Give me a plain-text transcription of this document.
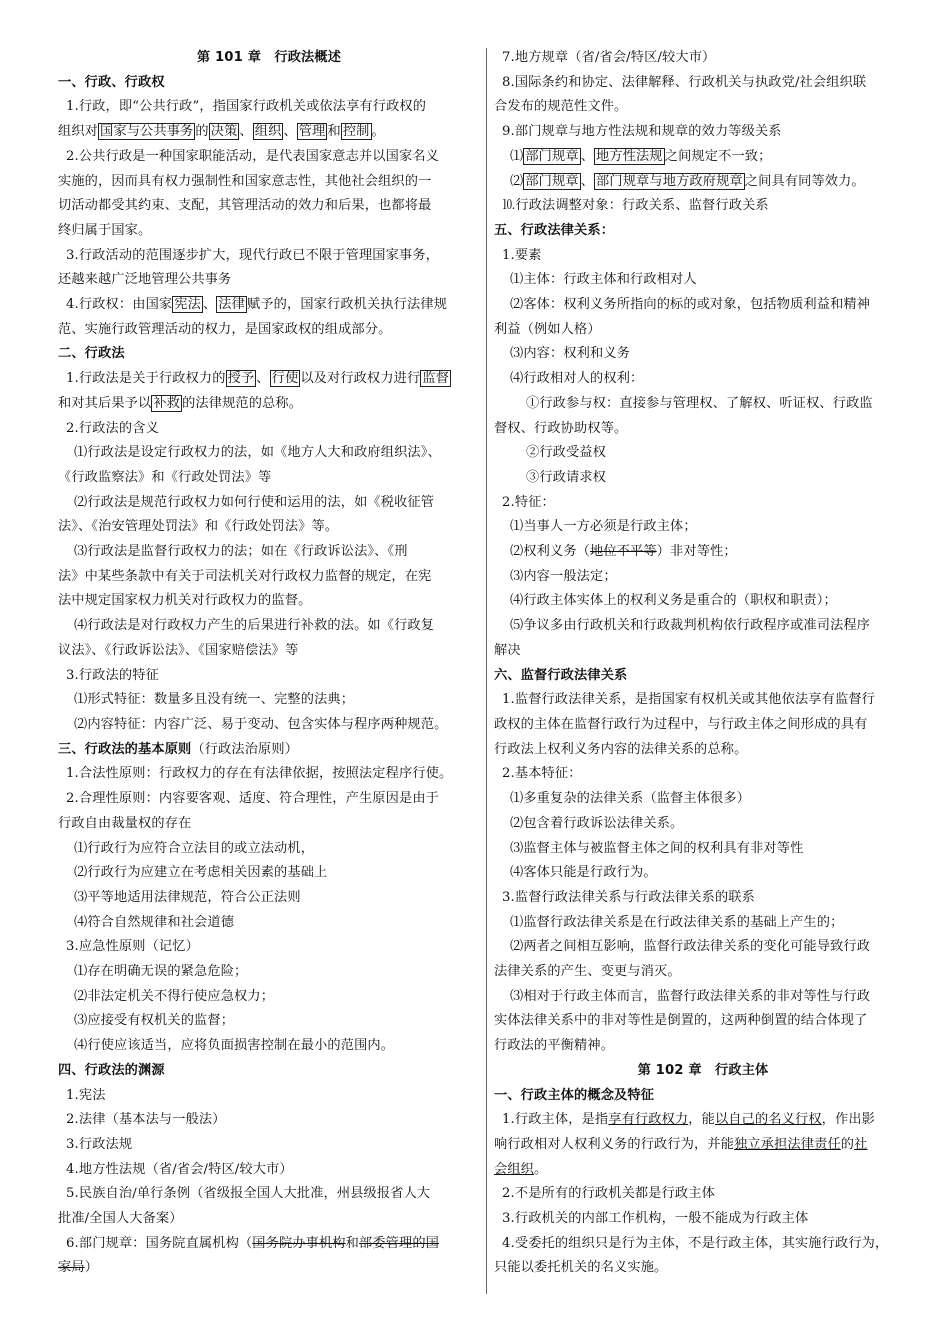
第 101 章　行政法概述
一、行政、行政权
1.行政，即“公共行政”，指国家行政机关或依法享有行政权的
组织对 国家与公共事务 的 决策 、 组织 、 管理 和 控制 。
2.公共行政是一种国家职能活动，是代表国家意志并以国家名义
实施的，因而具有权力强制性和国家意志性，其他社会组织的一
切活动都受其约束、支配，其管理活动的效力和后果，也都将最
终归属于国家。
3.行政活动的范围逐步扩大，现代行政已不限于管理国家事务，
还越来越广泛地管理公共事务
4.行政权：由国家 宪法 、 法律 赋予的，国家行政机关执行法律规
范、实施行政管理活动的权力，是国家政权的组成部分。
二、行政法
1.行政法是关于行政权力的 授予 、 行使 以及对行政权力进行 监督
和对其后果予以 补救 的法律规范的总称。
2.行政法的含义
⑴行政法是设定行政权力的法，如《地方人大和政府组织法》、
《行政监察法》和《行政处罚法》等
⑵行政法是规范行政权力如何行使和运用的法，如《税收征管
法》、《治安管理处罚法》和《行政处罚法》等。
⑶行政法是监督行政权力的法；如在《行政诉讼法》、《刑
法》中某些条款中有关于司法机关对行政权力监督的规定，在宪
法中规定国家权力机关对行政权力的监督。
⑷行政法是对行政权力产生的后果进行补救的法。如《行政复
议法》、《行政诉讼法》、《国家赔偿法》等
3.行政法的特征
⑴形式特征：数量多且没有统一、完整的法典；
⑵内容特征：内容广泛、易于变动、包含实体与程序两种规范。
三、行政法的基本原则（行政法治原则）
1.合法性原则：行政权力的存在有法律依据，按照法定程序行使。
2.合理性原则：内容要客观、适度、符合理性，产生原因是由于
行政自由裁量权的存在
⑴行政行为应符合立法目的或立法动机，
⑵行政行为应建立在考虑相关因素的基础上
⑶平等地适用法律规范，符合公正法则
⑷符合自然规律和社会道德
3.应急性原则（记忆）
⑴存在明确无误的紧急危险；
⑵非法定机关不得行使应急权力；
⑶应接受有权机关的监督；
⑷行使应该适当，应将负面损害控制在最小的范围内。
四、行政法的渊源
1.宪法
2.法律（基本法与一般法）
3.行政法规
4.地方性法规（省/省会/特区/较大市）
5.民族自治/单行条例（省级报全国人大批准，州县级报省人大
批准/全国人大备案）
6.部门规章：国务院直属机构（国务院办事机构和部委管理的国
家局）
7.地方规章（省/省会/特区/较大市）
8.国际条约和协定、法律解释、行政机关与执政党/社会组织联
合发布的规范性文件。
9.部门规章与地方性法规和规章的效力等级关系
⑴ 部门规章 、 地方性法规 之间规定不一致；
⑵ 部门规章 、 部门规章与地方政府规章 之间具有同等效力。
⒑行政法调整对象：行政关系、监督行政关系
五、行政法律关系：
1.要素
⑴主体：行政主体和行政相对人
⑵客体：权利义务所指向的标的或对象，包括物质利益和精神
利益（例如人格）
⑶内容：权利和义务
⑷行政相对人的权利：
①行政参与权：直接参与管理权、了解权、听证权、行政监
督权、行政协助权等。
②行政受益权
③行政请求权
2.特征：
⑴当事人一方必须是行政主体；
⑵权利义务（地位不平等）非对等性；
⑶内容一般法定；
⑷行政主体实体上的权利义务是重合的（职权和职责）；
⑸争议多由行政机关和行政裁判机构依行政程序或准司法程序
解决
六、监督行政法律关系
1.监督行政法律关系，是指国家有权机关或其他依法享有监督行
政权的主体在监督行政行为过程中，与行政主体之间形成的具有
行政法上权利义务内容的法律关系的总称。
2.基本特征：
⑴多重复杂的法律关系（监督主体很多）
⑵包含着行政诉讼法律关系。
⑶监督主体与被监督主体之间的权利具有非对等性
⑷客体只能是行政行为。
3.监督行政法律关系与行政法律关系的联系
⑴监督行政法律关系是在行政法律关系的基础上产生的；
⑵两者之间相互影响，监督行政法律关系的变化可能导致行政
法律关系的产生、变更与消灭。
⑶相对于行政主体而言，监督行政法律关系的非对等性与行政
实体法律关系中的非对等性是倒置的，这两种倒置的结合体现了
行政法的平衡精神。
第 102 章　行政主体
一、行政主体的概念及特征
1.行政主体，是指享有行政权力，能以自己的名义行权，作出影
响行政相对人权利义务的行政行为，并能独立承担法律责任的社
会组织。
2.不是所有的行政机关都是行政主体
3.行政机关的内部工作机构，一般不能成为行政主体
4.受委托的组织只是行为主体，不是行政主体，其实施行政行为，
只能以委托机关的名义实施。
